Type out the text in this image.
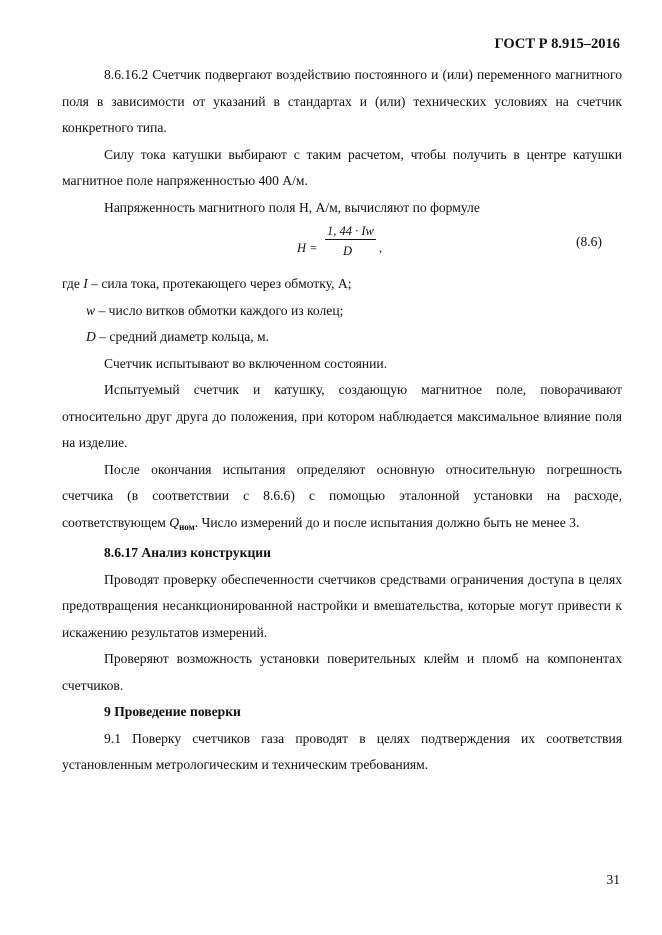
ГОСТ Р 8.915–2016

8.6.16.2 Счетчик подвергают воздействию постоянного и (или) переменного магнитного поля в зависимости от указаний в стандартах и (или) технических условиях на счетчик конкретного типа.

Силу тока катушки выбирают с таким расчетом, чтобы получить в центре катушки магнитное поле напряженностью 400 А/м.

Напряженность магнитного поля Н, А/м, вычисляют по формуле

H =
1, 44 · Iw
D ,	(8.6)

где I – сила тока, протекающего через обмотку, А;

w – число витков обмотки каждого из колец;

D – средний диаметр кольца, м.

Счетчик испытывают во включенном состоянии.

Испытуемый счетчик и катушку, создающую магнитное поле, поворачивают относительно друг друга до положения, при котором наблюдается максимальное влияние поля на изделие.

После окончания испытания определяют основную относительную погрешность счетчика (в соответствии с 8.6.6) с помощью эталонной установки на расходе, соответствующем $Q_{ном}$. Число измерений до и после испытания должно быть не менее 3.

8.6.17 Анализ конструкции

Проводят проверку обеспеченности счетчиков средствами ограничения доступа в целях предотвращения несанкционированной настройки и вмешательства, которые могут привести к искажению результатов измерений.

Проверяют возможность установки поверительных клейм и пломб на компонентах счетчиков.

9 Проведение поверки

9.1 Поверку счетчиков газа проводят в целях подтверждения их соответствия установленным метрологическим и техническим требованиям.

31
